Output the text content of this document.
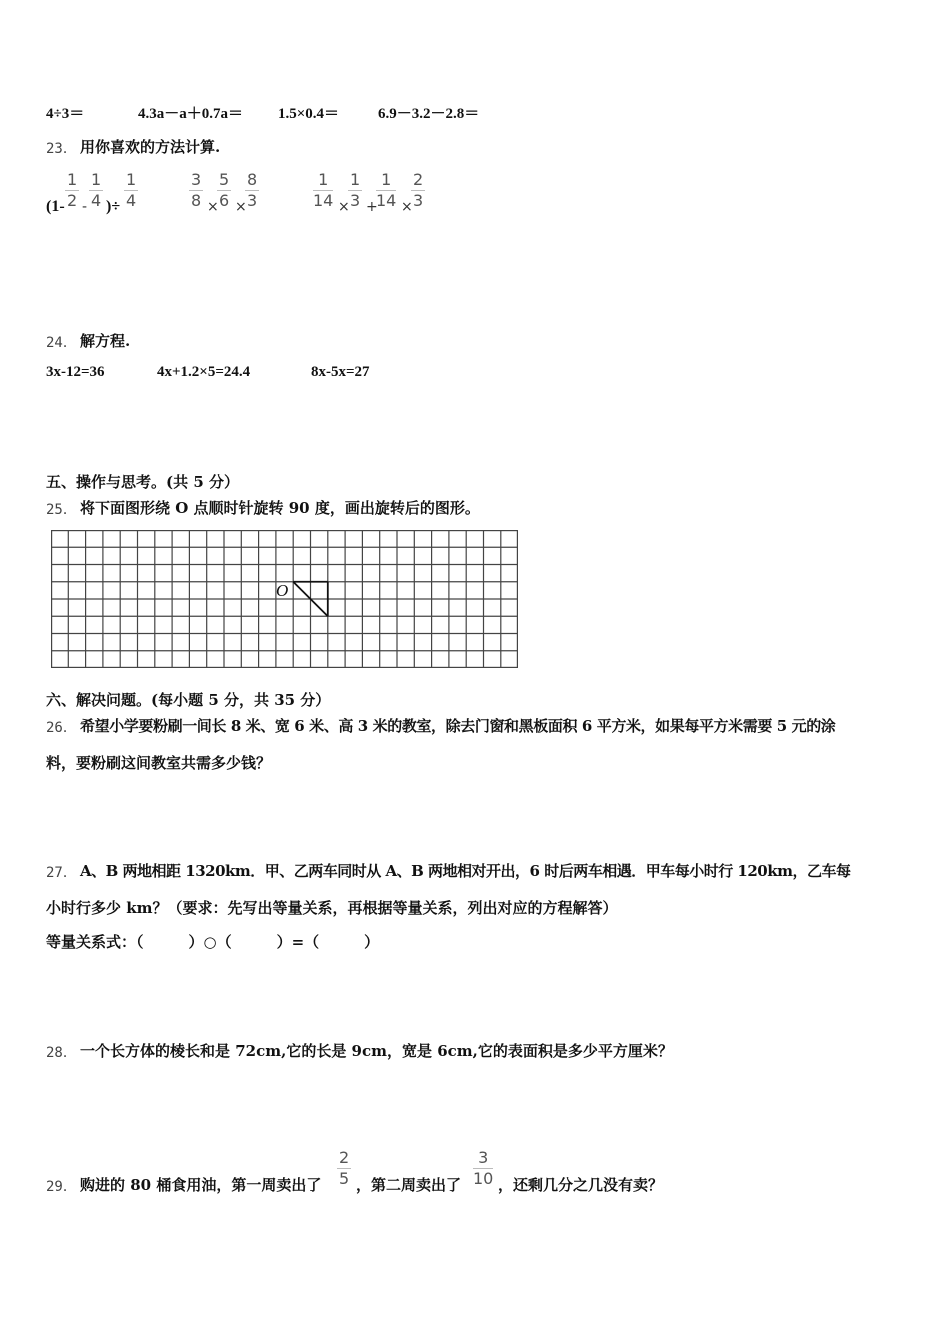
4÷3＝	4.3a－a＋0.7a＝ 1.5×0.4＝	6.9－3.2－2.8＝
23． 用你喜欢的方法计算.
($1- \frac{1}{2} - \frac{1}{4}$ )÷ $\frac{1}{4}$	$\frac{3}{8}$ ×
$\frac{5}{6}$ ×
$\frac{8}{3}$	$\frac{1}{14}$ ×
$\frac{1}{3}$ +
$\frac{1}{14}$ ×
$\frac{2}{3}$
24． 解方程.
3x-12=36	4x+1.2×5=24.4	8x-5x=27
五、操作与思考。(共 5 分）
25． 将下面图形绕 O 点顺时针旋转 90 度，画出旋转后的图形。
O
六、解决问题。(每小题 5 分，共 35 分）
26． 希望小学要粉刷一间长 8 米、宽 6 米、高 3 米的教室，除去门窗和黑板面积 6 平方米，如果每平方米需要 5 元的涂
料，要粉刷这间教室共需多少钱？
27． A、B 两地相距 1320km．甲、乙两车同时从 A、B 两地相对开出，6 时后两车相遇．甲车每小时行 120km，乙车每
小时行多少 km？（要求：先写出等量关系，再根据等量关系，列出对应的方程解答）
等量关系式：（　　　）○（　　　）=（　　　）
28． 一个长方体的棱长和是 72cm,它的长是 9cm，宽是 6cm,它的表面积是多少平方厘米？
29． 购进的 80 桶食用油，第一周卖出了 $\frac{2}{5}$ ，第二周卖出了 $\frac{3}{10}$ ，还剩几分之几没有卖？
